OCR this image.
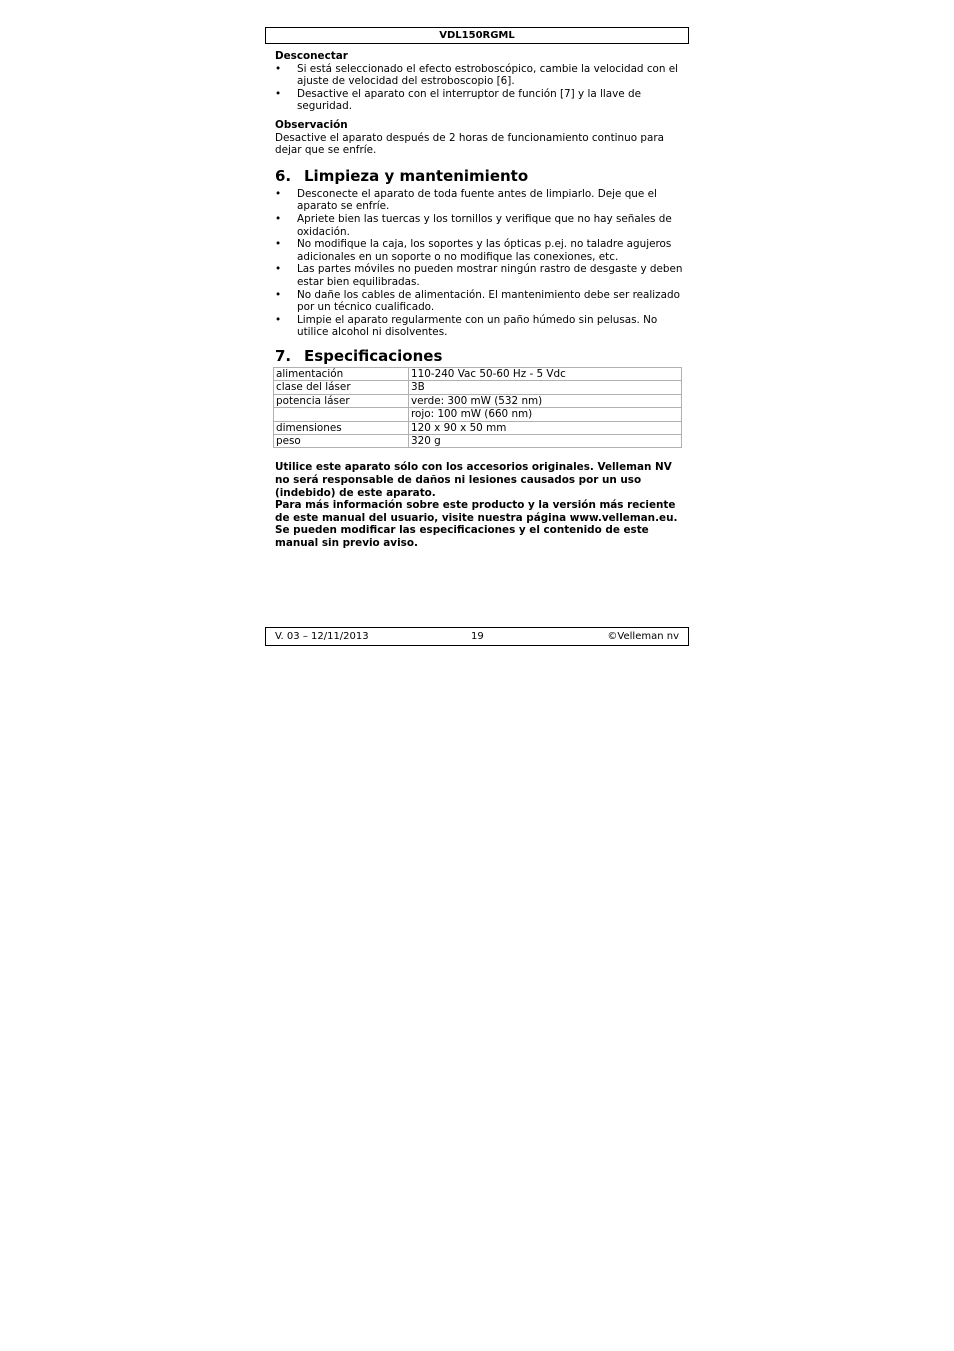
VDL150RGML

Desconectar

• Si está seleccionado el efecto estroboscópico, cambie la velocidad con el ajuste de velocidad del estroboscopio [6].
• Desactive el aparato con el interruptor de función [7] y la llave de seguridad.

Observación

Desactive el aparato después de 2 horas de funcionamiento continuo para dejar que se enfríe.

6. Limpieza y mantenimiento
• Desconecte el aparato de toda fuente antes de limpiarlo. Deje que el aparato se enfríe.
• Apriete bien las tuercas y los tornillos y verifique que no hay señales de oxidación.
• No modifique la caja, los soportes y las ópticas p.ej. no taladre agujeros adicionales en un soporte o no modifique las conexiones, etc.
• Las partes móviles no pueden mostrar ningún rastro de desgaste y deben estar bien equilibradas.
• No dañe los cables de alimentación. El mantenimiento debe ser realizado por un técnico cualificado.
• Limpie el aparato regularmente con un paño húmedo sin pelusas. No utilice alcohol ni disolventes.
7. Especificaciones
alimentación	110-240 Vac 50-60 Hz - 5 Vdc
clase del láser	3B
potencia láser	verde: 300 mW (532 nm)
	rojo: 100 mW (660 nm)
dimensiones	120 x 90 x 50 mm
peso	320 g

Utilice este aparato sólo con los accesorios originales. Velleman NV no será responsable de daños ni lesiones causados por un uso (indebido) de este aparato.

Para más información sobre este producto y la versión más reciente de este manual del usuario, visite nuestra página www.velleman.eu. Se pueden modificar las especificaciones y el contenido de este manual sin previo aviso.

V. 03 – 12/11/2013	19	©Velleman nv
